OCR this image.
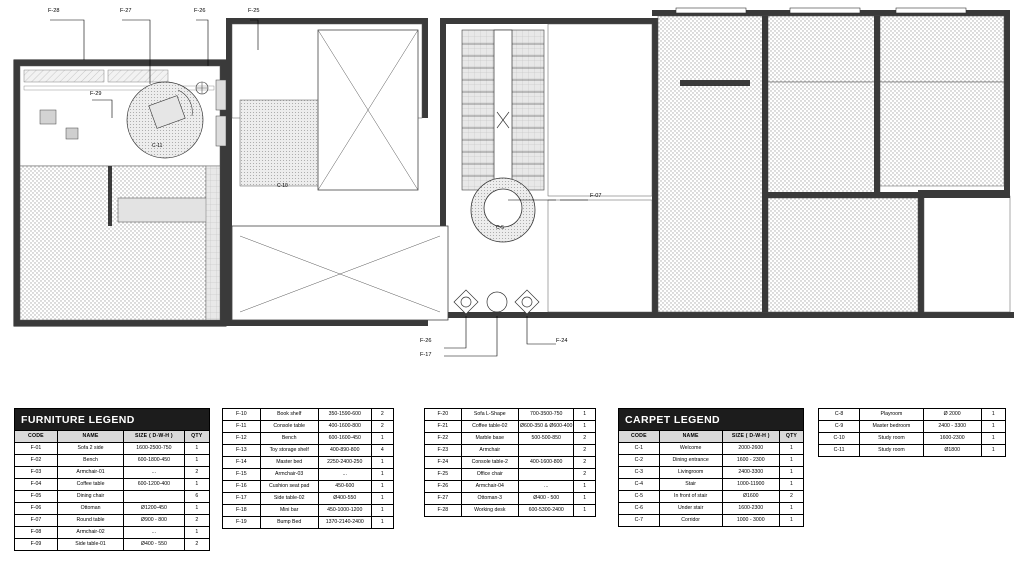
F-28	F-27	F-26	F-25
F-29
F-07
F-26
F-17
F-24
C-11
C-10
C-5
FURNITURE LEGEND
CODE	NAME	SIZE ( D-W-H )	QTY
F-01	Sofa 2 side	1600-2500-750	1
F-02	Bench	600-1800-450	1
F-03	Armchair-01	...	2
F-04	Coffee table	600-1200-400	1
F-05	Dining chair		6
F-06	Ottoman	Ø1200-450	1
F-07	Round table	Ø900 - 800	2
F-08	Armchair-02	...	1
F-09	Side table-01	Ø400 - 550	2
F-10	Book shelf	350-1590-600	2
F-11	Console table	400-1600-800	2
F-12	Bench	600-1600-450	1
F-13	Toy storage shelf	400-890-800	4
F-14	Master bed	2250-2400-250	1
F-15	Armchair-03	...	1
F-16	Cushion seat pad	450-600	1
F-17	Side table-02	Ø400-550	1
F-18	Mini bar	450-1000-1200	1
F-19	Bump Bed	1370-2140-2400	1
F-20	Sofa L-Shape	700-3500-750	1
F-21	Coffee table-02	Ø600-350 & Ø600-400	1
F-22	Marble base	500-500-850	2
F-23	Armchair		2
F-24	Console table-2	400-1600-800	2
F-25	Office chair		2
F-26	Armchair-04	...	1
F-27	Ottoman-3	Ø400 - 500	1
F-28	Working desk	600-5300-2400	1
CARPET LEGEND
CODE	NAME	SIZE ( D-W-H )	QTY
C-1	Welcome	2000-2600	1
C-2	Dining entrance	1600 - 2300	1
C-3	Livingroom	2400-3300	1
C-4	Stair	1000-11900	1
C-5	In front of stair	Ø1600	2
C-6	Under stair	1600-2300	1
C-7	Corridor	1000 - 3000	1
C-8	Playroom	Ø 2000	1
C-9	Master bedroom	2400 - 3300	1
C-10	Study room	1600-2300	1
C-11	Study room	Ø1800	1
